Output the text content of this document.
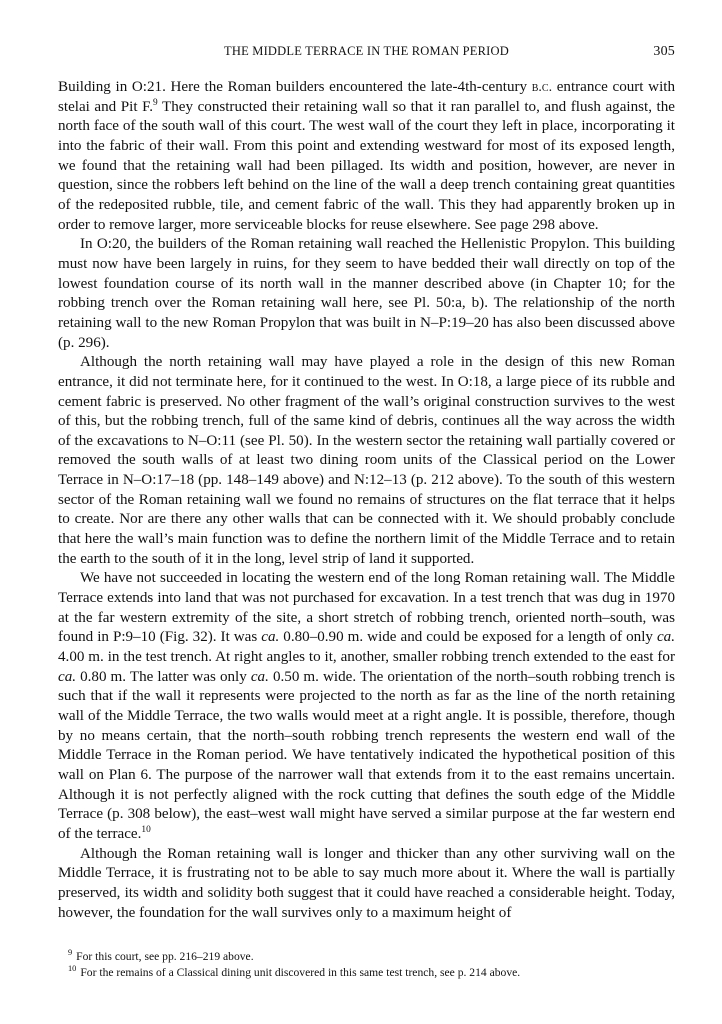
THE MIDDLE TERRACE IN THE ROMAN PERIOD	305

Building in O:21. Here the Roman builders encountered the late-4th-century b.c. entrance court with stelai and Pit F.$^9$ They constructed their retaining wall so that it ran parallel to, and flush against, the north face of the south wall of this court. The west wall of the court they left in place, incorporating it into the fabric of their wall. From this point and extending westward for most of its exposed length, we found that the retaining wall had been pillaged. Its width and position, however, are never in question, since the robbers left behind on the line of the wall a deep trench containing great quantities of the redeposited rubble, tile, and cement fabric of the wall. This they had apparently broken up in order to remove larger, more serviceable blocks for reuse elsewhere. See page 298 above.

In O:20, the builders of the Roman retaining wall reached the Hellenistic Propylon. This building must now have been largely in ruins, for they seem to have bedded their wall directly on top of the lowest foundation course of its north wall in the manner described above (in Chapter 10; for the robbing trench over the Roman retaining wall here, see Pl. 50:a, b). The relationship of the north retaining wall to the new Roman Propylon that was built in N–P:19–20 has also been discussed above (p. 296).

Although the north retaining wall may have played a role in the design of this new Roman entrance, it did not terminate here, for it continued to the west. In O:18, a large piece of its rubble and cement fabric is preserved. No other fragment of the wall’s original construction survives to the west of this, but the robbing trench, full of the same kind of debris, continues all the way across the width of the excavations to N–O:11 (see Pl. 50). In the western sector the retaining wall partially covered or removed the south walls of at least two dining room units of the Classical period on the Lower Terrace in N–O:17–18 (pp. 148–149 above) and N:12–13 (p. 212 above). To the south of this western sector of the Roman retaining wall we found no remains of structures on the flat terrace that it helps to create. Nor are there any other walls that can be connected with it. We should probably conclude that here the wall’s main function was to define the northern limit of the Middle Terrace and to retain the earth to the south of it in the long, level strip of land it supported.

We have not succeeded in locating the western end of the long Roman retaining wall. The Middle Terrace extends into land that was not purchased for excavation. In a test trench that was dug in 1970 at the far western extremity of the site, a short stretch of robbing trench, oriented north–south, was found in P:9–10 (Fig. 32). It was ca. 0.80–0.90 m. wide and could be exposed for a length of only ca. 4.00 m. in the test trench. At right angles to it, another, smaller robbing trench extended to the east for ca. 0.80 m. The latter was only ca. 0.50 m. wide. The orientation of the north–south robbing trench is such that if the wall it represents were projected to the north as far as the line of the north retaining wall of the Middle Terrace, the two walls would meet at a right angle. It is possible, therefore, though by no means certain, that the north–south robbing trench represents the western end wall of the Middle Terrace in the Roman period. We have tentatively indicated the hypothetical position of this wall on Plan 6. The purpose of the narrower wall that extends from it to the east remains uncertain. Although it is not perfectly aligned with the rock cutting that defines the south edge of the Middle Terrace (p. 308 below), the east–west wall might have served a similar purpose at the far western end of the terrace.$^{10}$

Although the Roman retaining wall is longer and thicker than any other surviving wall on the Middle Terrace, it is frustrating not to be able to say much more about it. Where the wall is partially preserved, its width and solidity both suggest that it could have reached a considerable height. Today, however, the foundation for the wall survives only to a maximum height of

$^9$ For this court, see pp. 216–219 above.
$^{10}$ For the remains of a Classical dining unit discovered in this same test trench, see p. 214 above.
